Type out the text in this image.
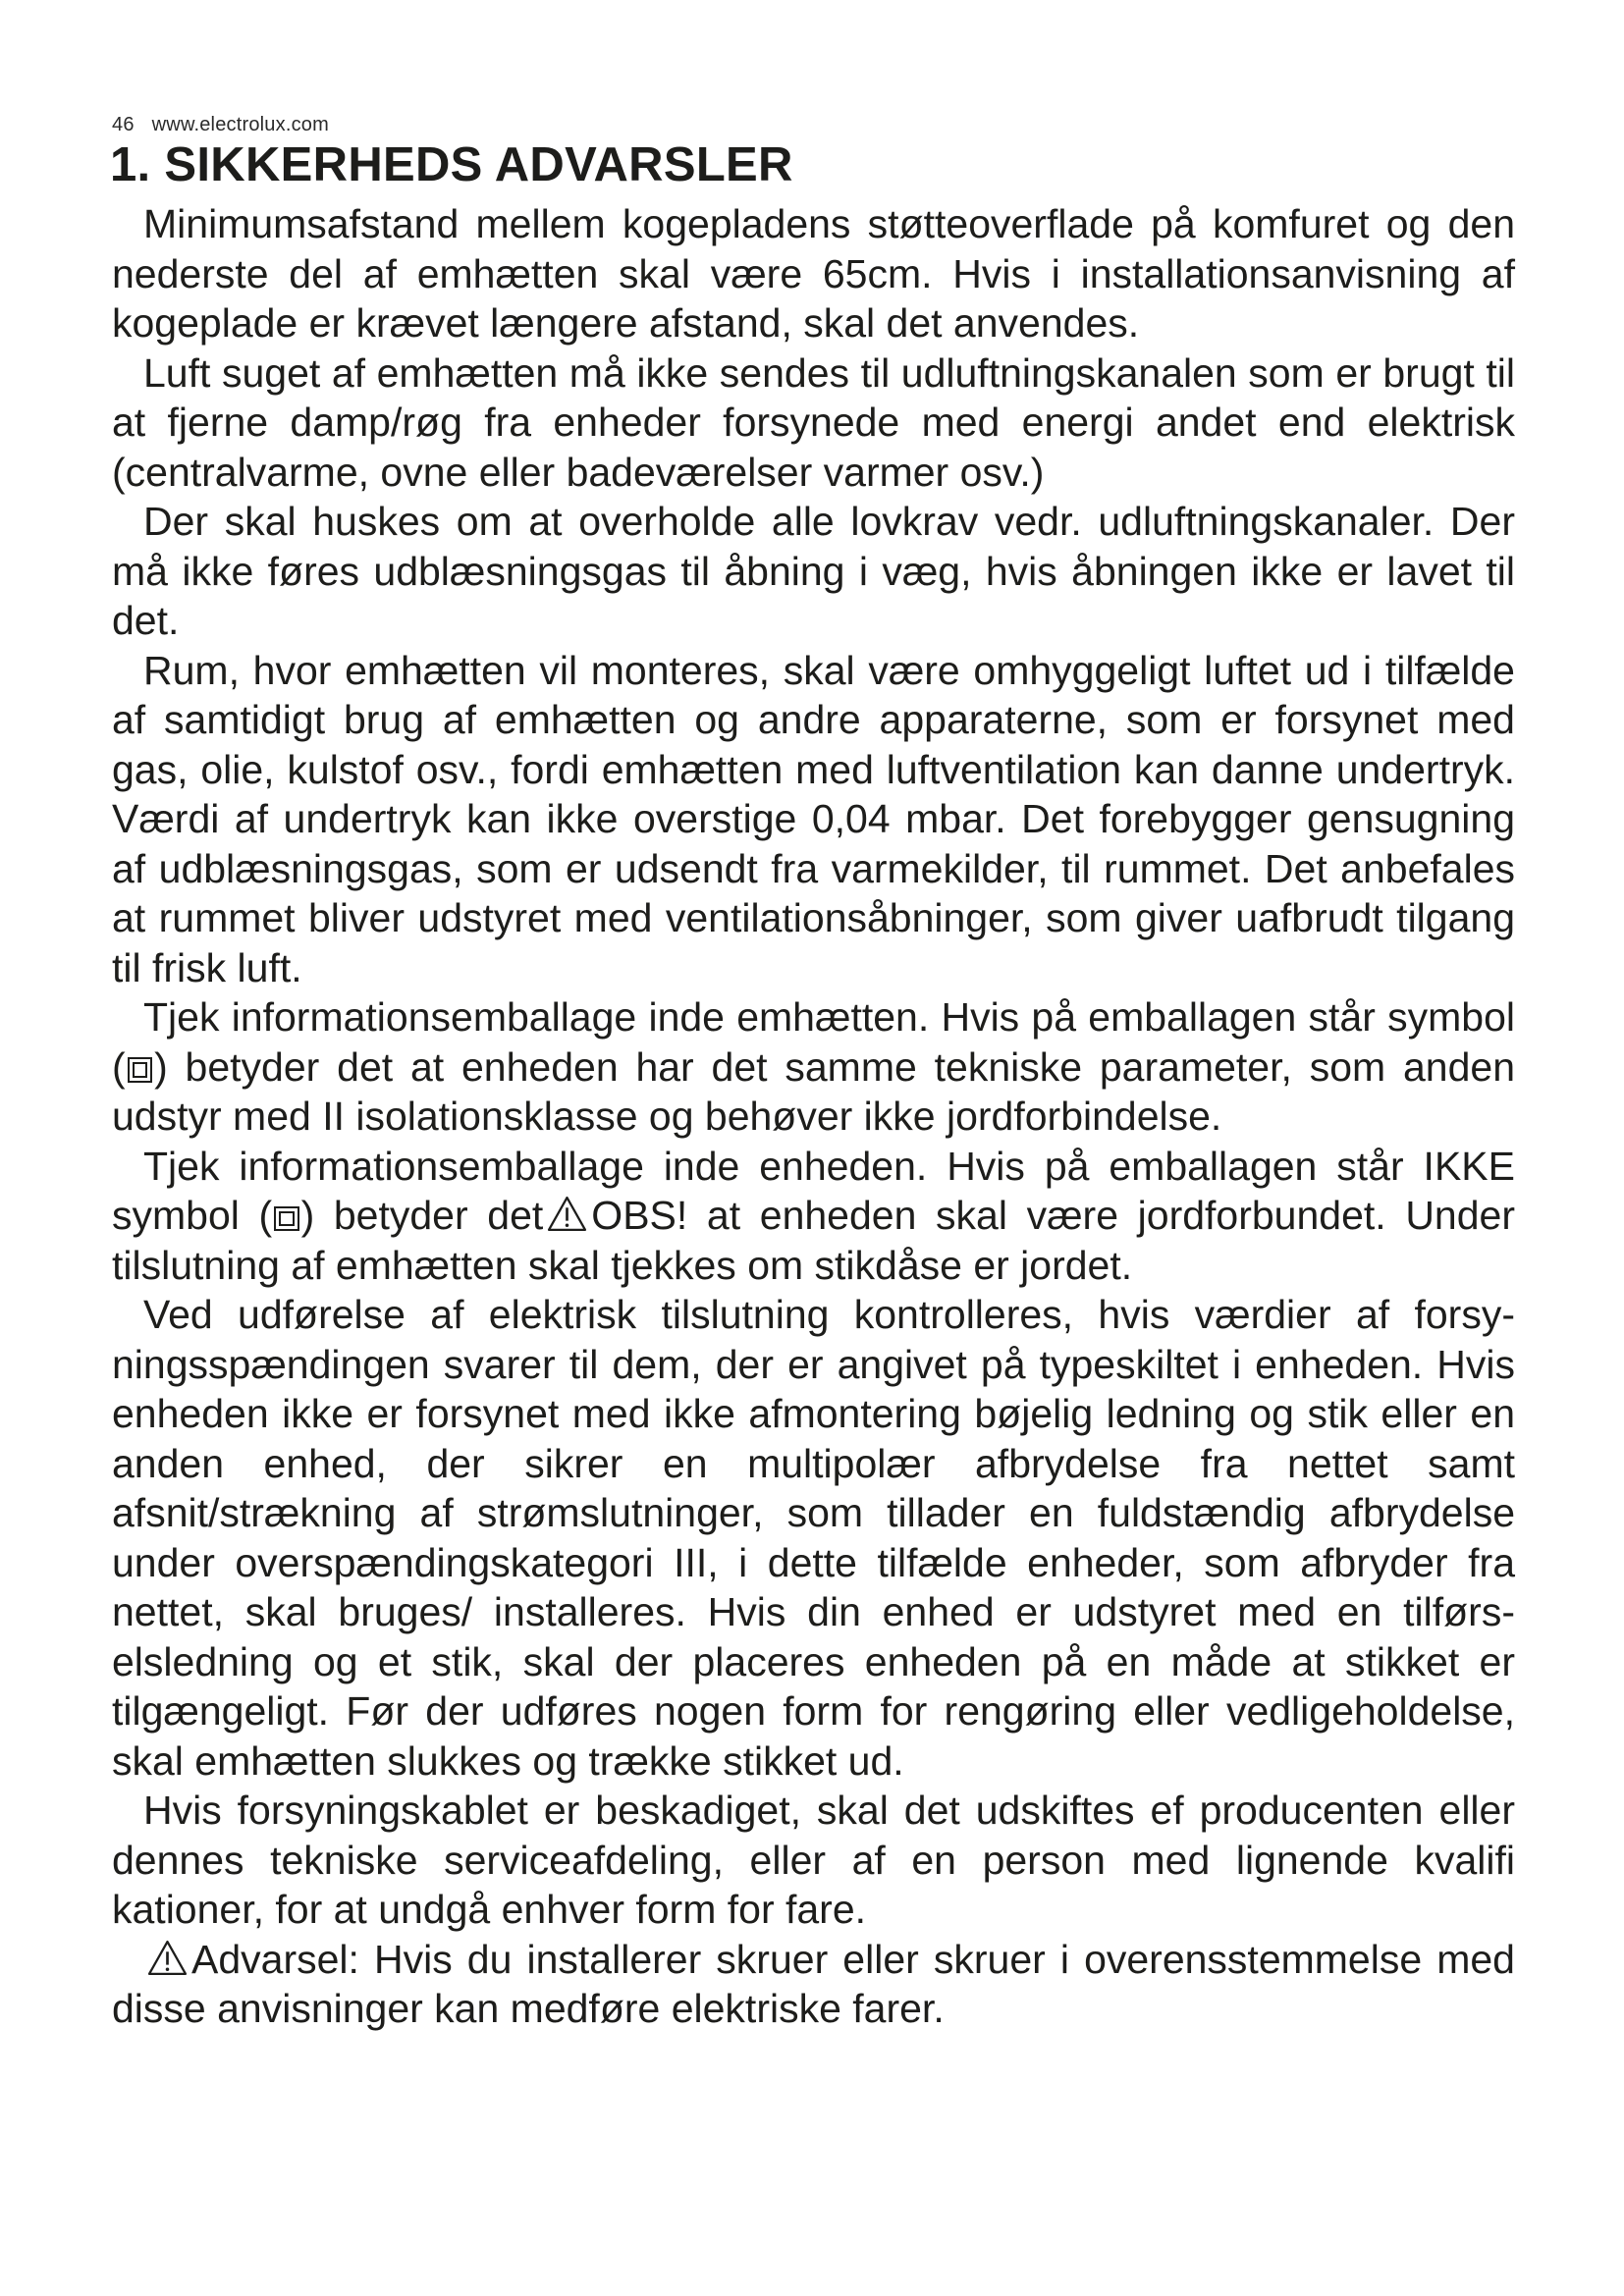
46 www.electrolux.com
1. SIKKERHEDS ADVARSLER

Minimumsafstand mellem kogepladens støtteoverflade på komfuret og den nederste del af emhætten skal være 65cm. Hvis i installationsanvisning af kogeplade er krævet længere afstand, skal det anvendes.

Luft suget af emhætten må ikke sendes til udluftningskanalen som er brugt til at fjerne damp/røg fra enheder forsynede med energi andet end elektrisk (centralvarme, ovne eller badeværelser varmer osv.)

Der skal huskes om at overholde alle lovkrav vedr. udluftningskanaler. Der må ikke føres udblæsningsgas til åbning i væg, hvis åbningen ikke er lavet til det.

Rum, hvor emhætten vil monteres, skal være omhyggeligt luftet ud i tilfælde af samtidigt brug af emhætten og andre apparaterne, som er forsynet med gas, olie, kulstof osv., fordi emhætten med luftventilation kan danne undertryk. Værdi af undertryk kan ikke overstige 0,04 mbar. Det forebygger gensugning af udblæsningsgas, som er udsendt fra varmekilder, til rummet. Det anbefales at rummet bliver udstyret med ventilationsåbninger, som giver uafbrudt tilgang til frisk luft.

Tjek informationsemballage inde emhætten. Hvis på emballagen står symbol ( ) betyder det at enheden har det samme tekniske parameter, som anden udstyr med II isolationsklasse og behøver ikke jordforbindelse.

Tjek informationsemballage inde enheden. Hvis på emballagen står IKKE symbol ( ) betyder det OBS! at enheden skal være jordforbundet. Under tilslutning af emhætten skal tjekkes om stikdåse er jordet.

Ved udførelse af elektrisk tilslutning kontrolleres, hvis værdier af forsyningsspændingen svarer til dem, der er angivet på typeskiltet i enheden. Hvis enheden ikke er forsynet med ikke afmontering bøjelig ledning og stik eller en anden enhed, der sikrer en multipolær afbrydelse fra nettet samt afsnit/strækning af strømslutninger, som tillader en fuldstændig afbrydelse under overspændingskategori III, i dette tilfælde enheder, som afbryder fra nettet, skal bruges/ installeres. Hvis din enhed er udstyret med en tilførselsledning og et stik, skal der placeres enheden på en måde at stikket er tilgængeligt. Før der udføres nogen form for rengøring eller vedligeholdelse, skal emhætten slukkes og trække stikket ud.

Hvis forsyningskablet er beskadiget, skal det udskiftes ef producenten eller dennes tekniske serviceafdeling, eller af en person med lignende kvalifi kationer, for at undgå enhver form for fare.

Advarsel: Hvis du installerer skruer eller skruer i overensstemmelse med disse anvisninger kan medføre elektriske farer.
